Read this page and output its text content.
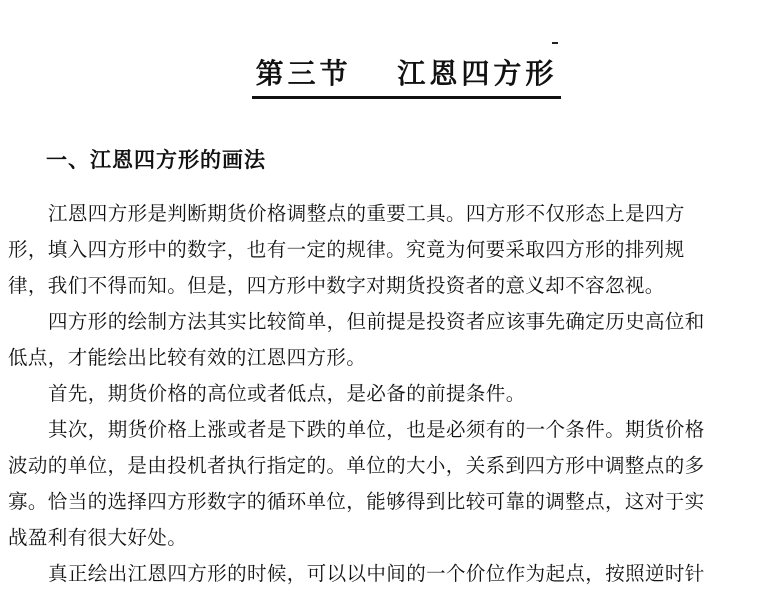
第三节　 江恩四方形

一、江恩四方形的画法
江恩四方形是判断期货价格调整点的重要工具。四方形不仅形态上是四方
形，填入四方形中的数字，也有一定的规律。究竟为何要采取四方形的排列规
律，我们不得而知。但是，四方形中数字对期货投资者的意义却不容忽视。
四方形的绘制方法其实比较简单，但前提是投资者应该事先确定历史高位和
低点，才能绘出比较有效的江恩四方形。
首先，期货价格的高位或者低点，是必备的前提条件。
其次，期货价格上涨或者是下跌的单位，也是必须有的一个条件。期货价格
波动的单位，是由投机者执行指定的。单位的大小，关系到四方形中调整点的多
寡。恰当的选择四方形数字的循环单位，能够得到比较可靠的调整点，这对于实
战盈利有很大好处。
真正绘出江恩四方形的时候，可以以中间的一个价位作为起点，按照逆时针
